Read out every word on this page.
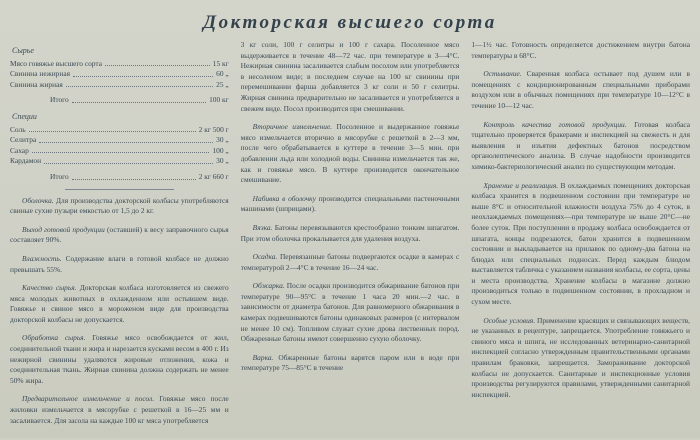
Докторская высшего сорта
Сырье
Мясо говяжье высшего сорта	15 кг
Свинина нежирная	60 „
Свинина жирная	25 „
Итого	100 кг
Специи
Соль	2 кг 500 г
Селитра	30 „
Сахар	100 „
Кардамон	30 „
Итого	2 кг 660 г

Оболочка. Для производства докторской колбасы употребляются свиные сухие пузыри емкостью от 1,5 до 2 кг.

Выход готовой продукции (оставшей) к весу заправочного сырья составляет 90%.

Влажность. Содержание влаги в готовой колбасе не должно превышать 55%.

Качество сырья. Докторская колбаса изготовляется из свежего мяса молодых животных в охлажденном или остывшем виде. Говяжье и свиное мясо в мороженом виде для производства докторской колбасы не допускается.

Обработка сырья. Говяжье мясо освобождается от жил, соединительной ткани и жира и нарезается кусками весом в 400 г. Из нежирной свинины удаляются жировые отложения, кожа и соединительная ткань. Жирная свинина должна содержать не менее 50% жира.

Предварительное измельчение и посол. Говяжье мясо после жиловки измельчается в мясорубке с решеткой в 16—25 мм и засаливается. Для засола на каждые 100 кг мяса употребляется

3 кг соли, 100 г селитры и 100 г сахара. Посоленное мясо выдерживается в течение 48—72 час. при температуре в 3—4°С. Нежирная свинина засаливается слабым посолом или употребляется в несоленом виде; в последнем случае на 100 кг свинины при перемешивании фарша добавляется 3 кг соли и 50 г селитры. Жирная свинина предварительно не засаливается и употребляется в свежем виде. Посол производится при смешивании.

Вторичное измельчение. Посоленное и выдержанное говяжье мясо измельчается вторично в мясорубке с решеткой в 2—3 мм, после чего обрабатывается в куттере в течение 3—5 мин. при добавлении льда или холодной воды. Свинина измельчается так же, как и говяжье мясо. В куттере производится окончательное смешивание.

Набивка в оболочку производится специальными пастеночными машинами (шприцами).

Вязка. Батоны перевязываются крестообразно тонким шпагатом. При этом оболочка прокалывается для удаления воздуха.

Осадка. Перевязанные батоны подвергаются осадке в камерах с температурой 2—4°С в течение 16—24 час.

Обжарка. После осадки производится обжаривание батонов при температуре 90—95°С в течение 1 часа 20 мин.—2 час. в зависимости от диаметра батонов. Для равномерного обжаривания в камерах подвешиваются батоны одинаковых размеров (с интервалом не менее 10 см). Топливом служат сухие дрова лиственных пород. Обжаренные батоны имеют совершенно сухую оболочку.

Варка. Обжаренные батоны варятся паром или в воде при температуре 75—85°С в течение

1—1½ час. Готовность определяется достижением внутри батона температуры в 68°С.

Остывание. Сваренная колбаса остывает под душем или в помещениях с кондиционированным специальными приборами воздухом или в обычных помещениях при температуре 10—12°С в течение 10—12 час.

Контроль качества готовой продукции. Готовая колбаса тщательно проверяется бракерами и инспекцией на свежесть и для выявления и изъятия дефектных батонов посредством органолептического анализа. В случае надобности производится химико-бактериологический анализ по существующим методам.

Хранение и реализация. В охлаждаемых помещениях докторская колбаса хранится в подвешенном состоянии при температуре не выше 8°С и относительной влажности воздуха 75% до 4 суток, в неохлаждаемых помещениях—при температуре не выше 20°С—не более суток. При поступлении в продажу колбаса освобождается от шпагата, концы подрезаются, батон хранится в подвешенном состоянии и выкладывается на прилавок по одному-два батона на блюдах или специальных подносах. Перед каждым блюдом выставляется табличка с указанием названия колбасы, ее сорта, цены и места производства. Хранение колбасы в магазине должно производиться только в подвешенном состоянии, в прохладном и сухом месте.

Особые условия. Применение красящих и связывающих веществ, не указанных в рецептуре, запрещается. Употребление говяжьего и свиного мяса и шпига, не исследованных ветеринарно-санитарной инспекцией согласно утвержденным правительственными органами правилам браковки, запрещается. Замораживание докторской колбасы не допускается. Санитарные и инспекционные условия производства регулируются правилами, утвержденными санитарной инспекцией.
